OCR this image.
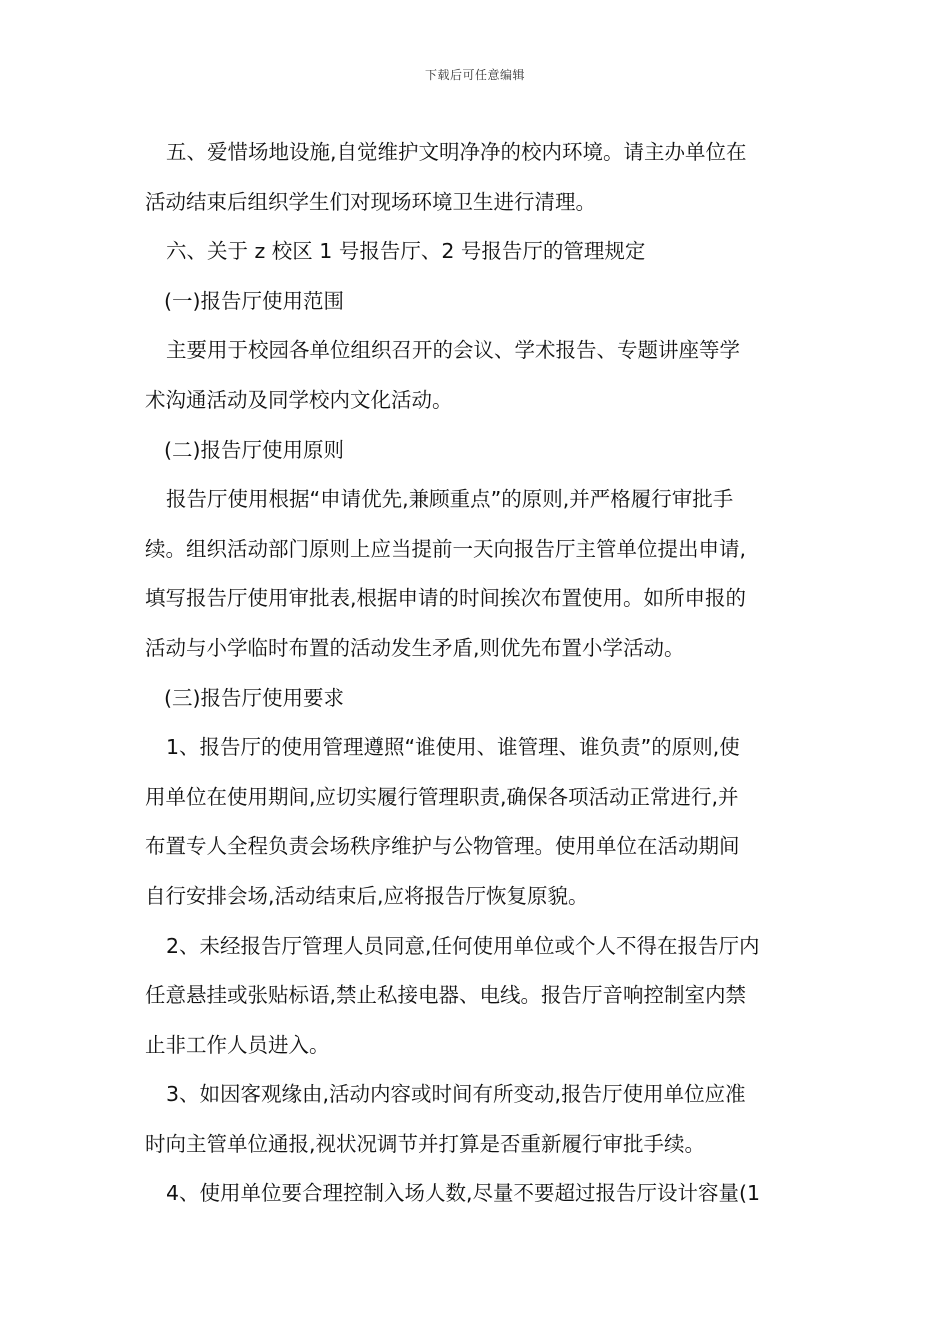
下载后可任意编辑
五、爱惜场地设施,自觉维护文明净净的校内环境。请主办单位在
活动结束后组织学生们对现场环境卫生进行清理。
六、关于 z 校区 1 号报告厅、2 号报告厅的管理规定
(一)报告厅使用范围
主要用于校园各单位组织召开的会议、学术报告、专题讲座等学
术沟通活动及同学校内文化活动。
(二)报告厅使用原则
报告厅使用根据“申请优先,兼顾重点”的原则,并严格履行审批手
续。组织活动部门原则上应当提前一天向报告厅主管单位提出申请,
填写报告厅使用审批表,根据申请的时间挨次布置使用。如所申报的
活动与小学临时布置的活动发生矛盾,则优先布置小学活动。
(三)报告厅使用要求
1、报告厅的使用管理遵照“谁使用、谁管理、谁负责”的原则,使
用单位在使用期间,应切实履行管理职责,确保各项活动正常进行,并
布置专人全程负责会场秩序维护与公物管理。使用单位在活动期间
自行安排会场,活动结束后,应将报告厅恢复原貌。
2、未经报告厅管理人员同意,任何使用单位或个人不得在报告厅内
任意悬挂或张贴标语,禁止私接电器、电线。报告厅音响控制室内禁
止非工作人员进入。
3、如因客观缘由,活动内容或时间有所变动,报告厅使用单位应准
时向主管单位通报,视状况调节并打算是否重新履行审批手续。
4、使用单位要合理控制入场人数,尽量不要超过报告厅设计容量(1
